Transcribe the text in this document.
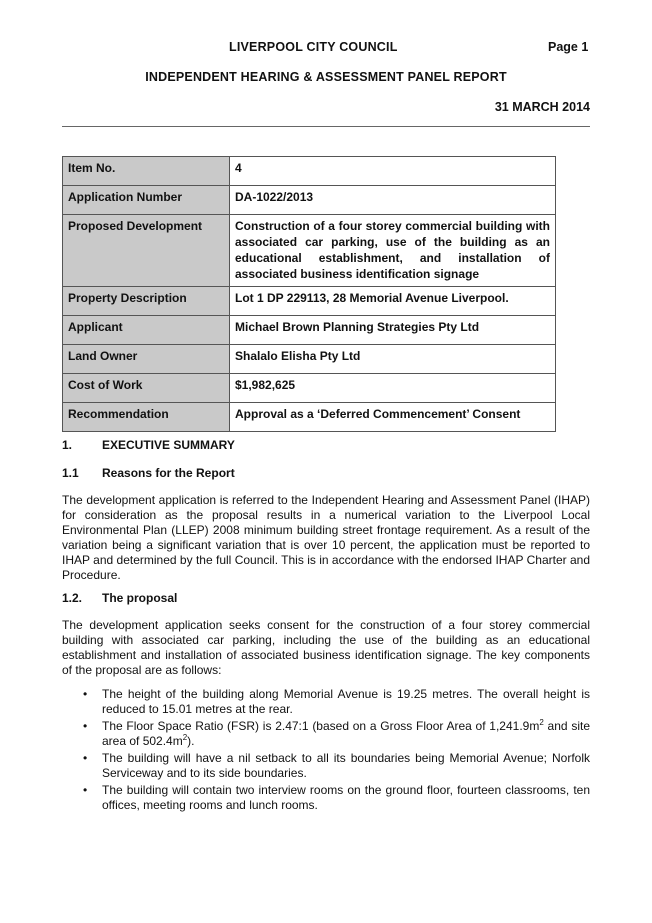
LIVERPOOL CITY COUNCIL	Page 1
INDEPENDENT HEARING & ASSESSMENT PANEL REPORT
31 MARCH 2014
Item No.	4
Application Number	DA-1022/2013
Proposed Development	Construction of a four storey commercial building with associated car parking, use of the building as an educational establishment, and installation of associated business identification signage
Property Description	Lot 1 DP 229113, 28 Memorial Avenue Liverpool.
Applicant	Michael Brown Planning Strategies Pty Ltd
Land Owner	Shalalo Elisha Pty Ltd
Cost of Work	$1,982,625
Recommendation	Approval as a ‘Deferred Commencement’ Consent
1. EXECUTIVE SUMMARY
1.1 Reasons for the Report
The development application is referred to the Independent Hearing and Assessment Panel (IHAP) for consideration as the proposal results in a numerical variation to the Liverpool Local Environmental Plan (LLEP) 2008 minimum building street frontage requirement. As a result of the variation being a significant variation that is over 10 percent, the application must be reported to IHAP and determined by the full Council. This is in accordance with the endorsed IHAP Charter and Procedure.
1.2. The proposal
The development application seeks consent for the construction of a four storey commercial building with associated car parking, including the use of the building as an educational establishment and installation of associated business identification signage. The key components of the proposal are as follows:
• The height of the building along Memorial Avenue is 19.25 metres. The overall height is reduced to 15.01 metres at the rear.
• The Floor Space Ratio (FSR) is 2.47:1 (based on a Gross Floor Area of $1,241.9m^2$ and site area of $502.4m^2$).
• The building will have a nil setback to all its boundaries being Memorial Avenue; Norfolk Serviceway and to its side boundaries.
• The building will contain two interview rooms on the ground floor, fourteen classrooms, ten offices, meeting rooms and lunch rooms.
